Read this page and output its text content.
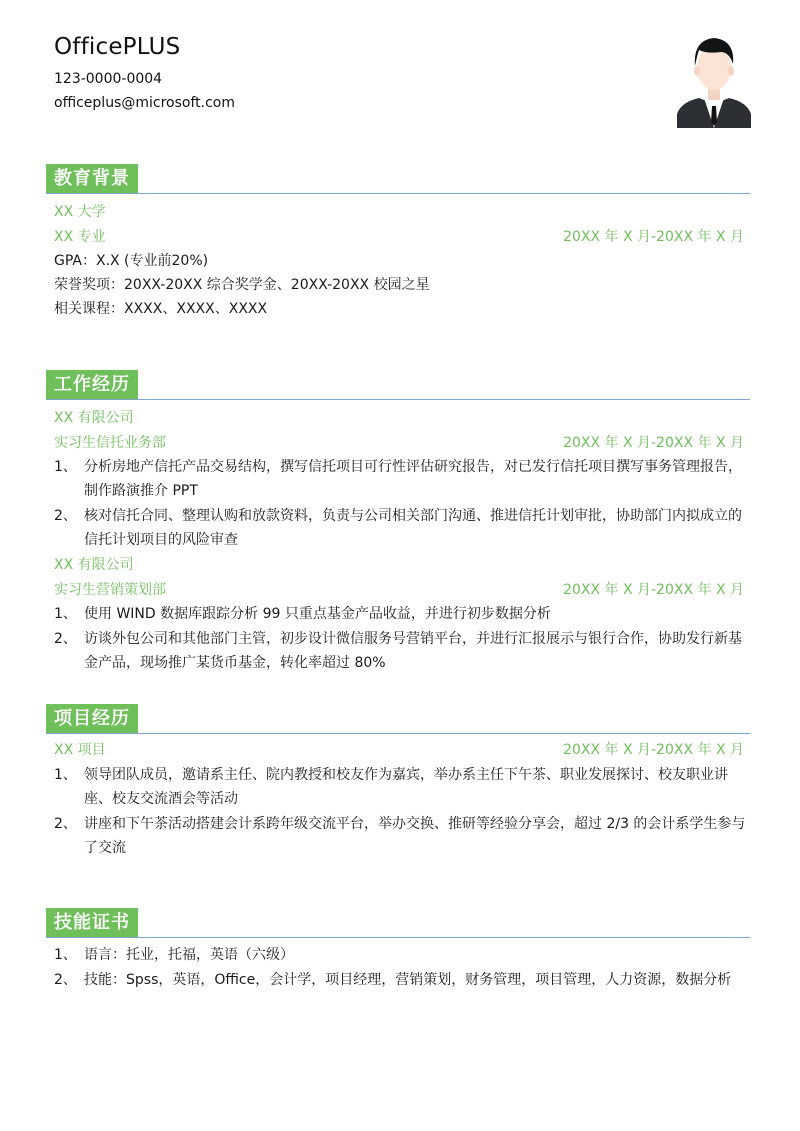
OfficePLUS
123-0000-0004
officeplus@microsoft.com
教育背景
XX 大学
XX 专业	20XX 年 X 月-20XX 年 X 月
GPA：X.X (专业前20%)
荣誉奖项：20XX-20XX 综合奖学金、20XX-20XX 校园之星
相关课程：XXXX、XXXX、XXXX
工作经历
XX 有限公司
实习生信托业务部	20XX 年 X 月-20XX 年 X 月
1、 分析房地产信托产品交易结构，撰写信托项目可行性评估研究报告，对已发行信托项目撰写事务管理报告，制作路演推介 PPT
2、 核对信托合同、整理认购和放款资料，负责与公司相关部门沟通、推进信托计划审批，协助部门内拟成立的信托计划项目的风险审查
XX 有限公司
实习生营销策划部	20XX 年 X 月-20XX 年 X 月
1、 使用 WIND 数据库跟踪分析 99 只重点基金产品收益，并进行初步数据分析
2、 访谈外包公司和其他部门主管，初步设计微信服务号营销平台，并进行汇报展示与银行合作，协助发行新基金产品，现场推广某货币基金，转化率超过 80%
项目经历
XX 项目	20XX 年 X 月-20XX 年 X 月
1、 领导团队成员，邀请系主任、院内教授和校友作为嘉宾，举办系主任下午茶、职业发展探讨、校友职业讲座、校友交流酒会等活动
2、 讲座和下午茶活动搭建会计系跨年级交流平台，举办交换、推研等经验分享会，超过 2/3 的会计系学生参与了交流
技能证书
1、 语言：托业，托福，英语（六级）
2、 技能：Spss，英语，Office，会计学，项目经理，营销策划，财务管理，项目管理，人力资源，数据分析
